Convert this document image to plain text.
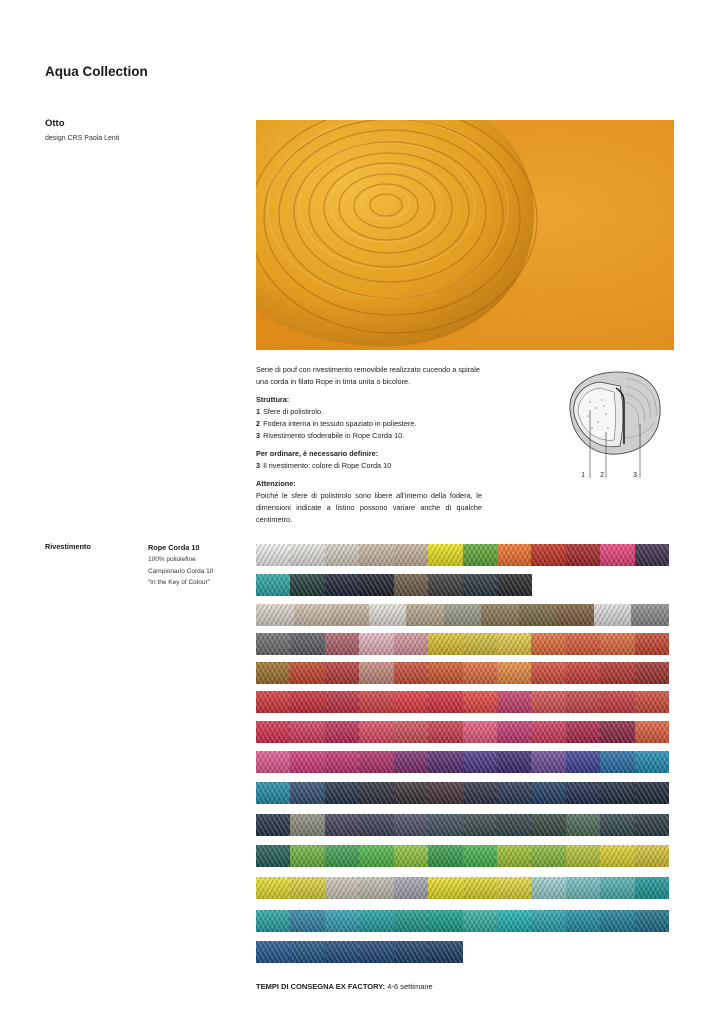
Aqua Collection
Otto
design CRS Paola Lenti

Serie di pouf con rivestimento removibile realizzato cucendo a spirale una corda in filato Rope in tinta unita o bicolore.

Struttura:

1 Sfere di polistirolo.

2 Fodera interna in tessuto spaziato in poliestere.

3 Rivestimento sfoderabile in Rope Corda 10.

Per ordinare, è necessario definire:

3 Il rivestimento: colore di Rope Corda 10

Attenzione:

Poiché le sfere di polistirolo sono libere all'interno della fodera, le dimensioni indicate a listino possono variare anche di qualche centimetro.

1 2	3
Rivestimento	Rope Corda 10
100% poliolefine
Campionario Corda 10
“In the Key of Colour”
TEMPI DI CONSEGNA EX FACTORY: 4-6 settimane
